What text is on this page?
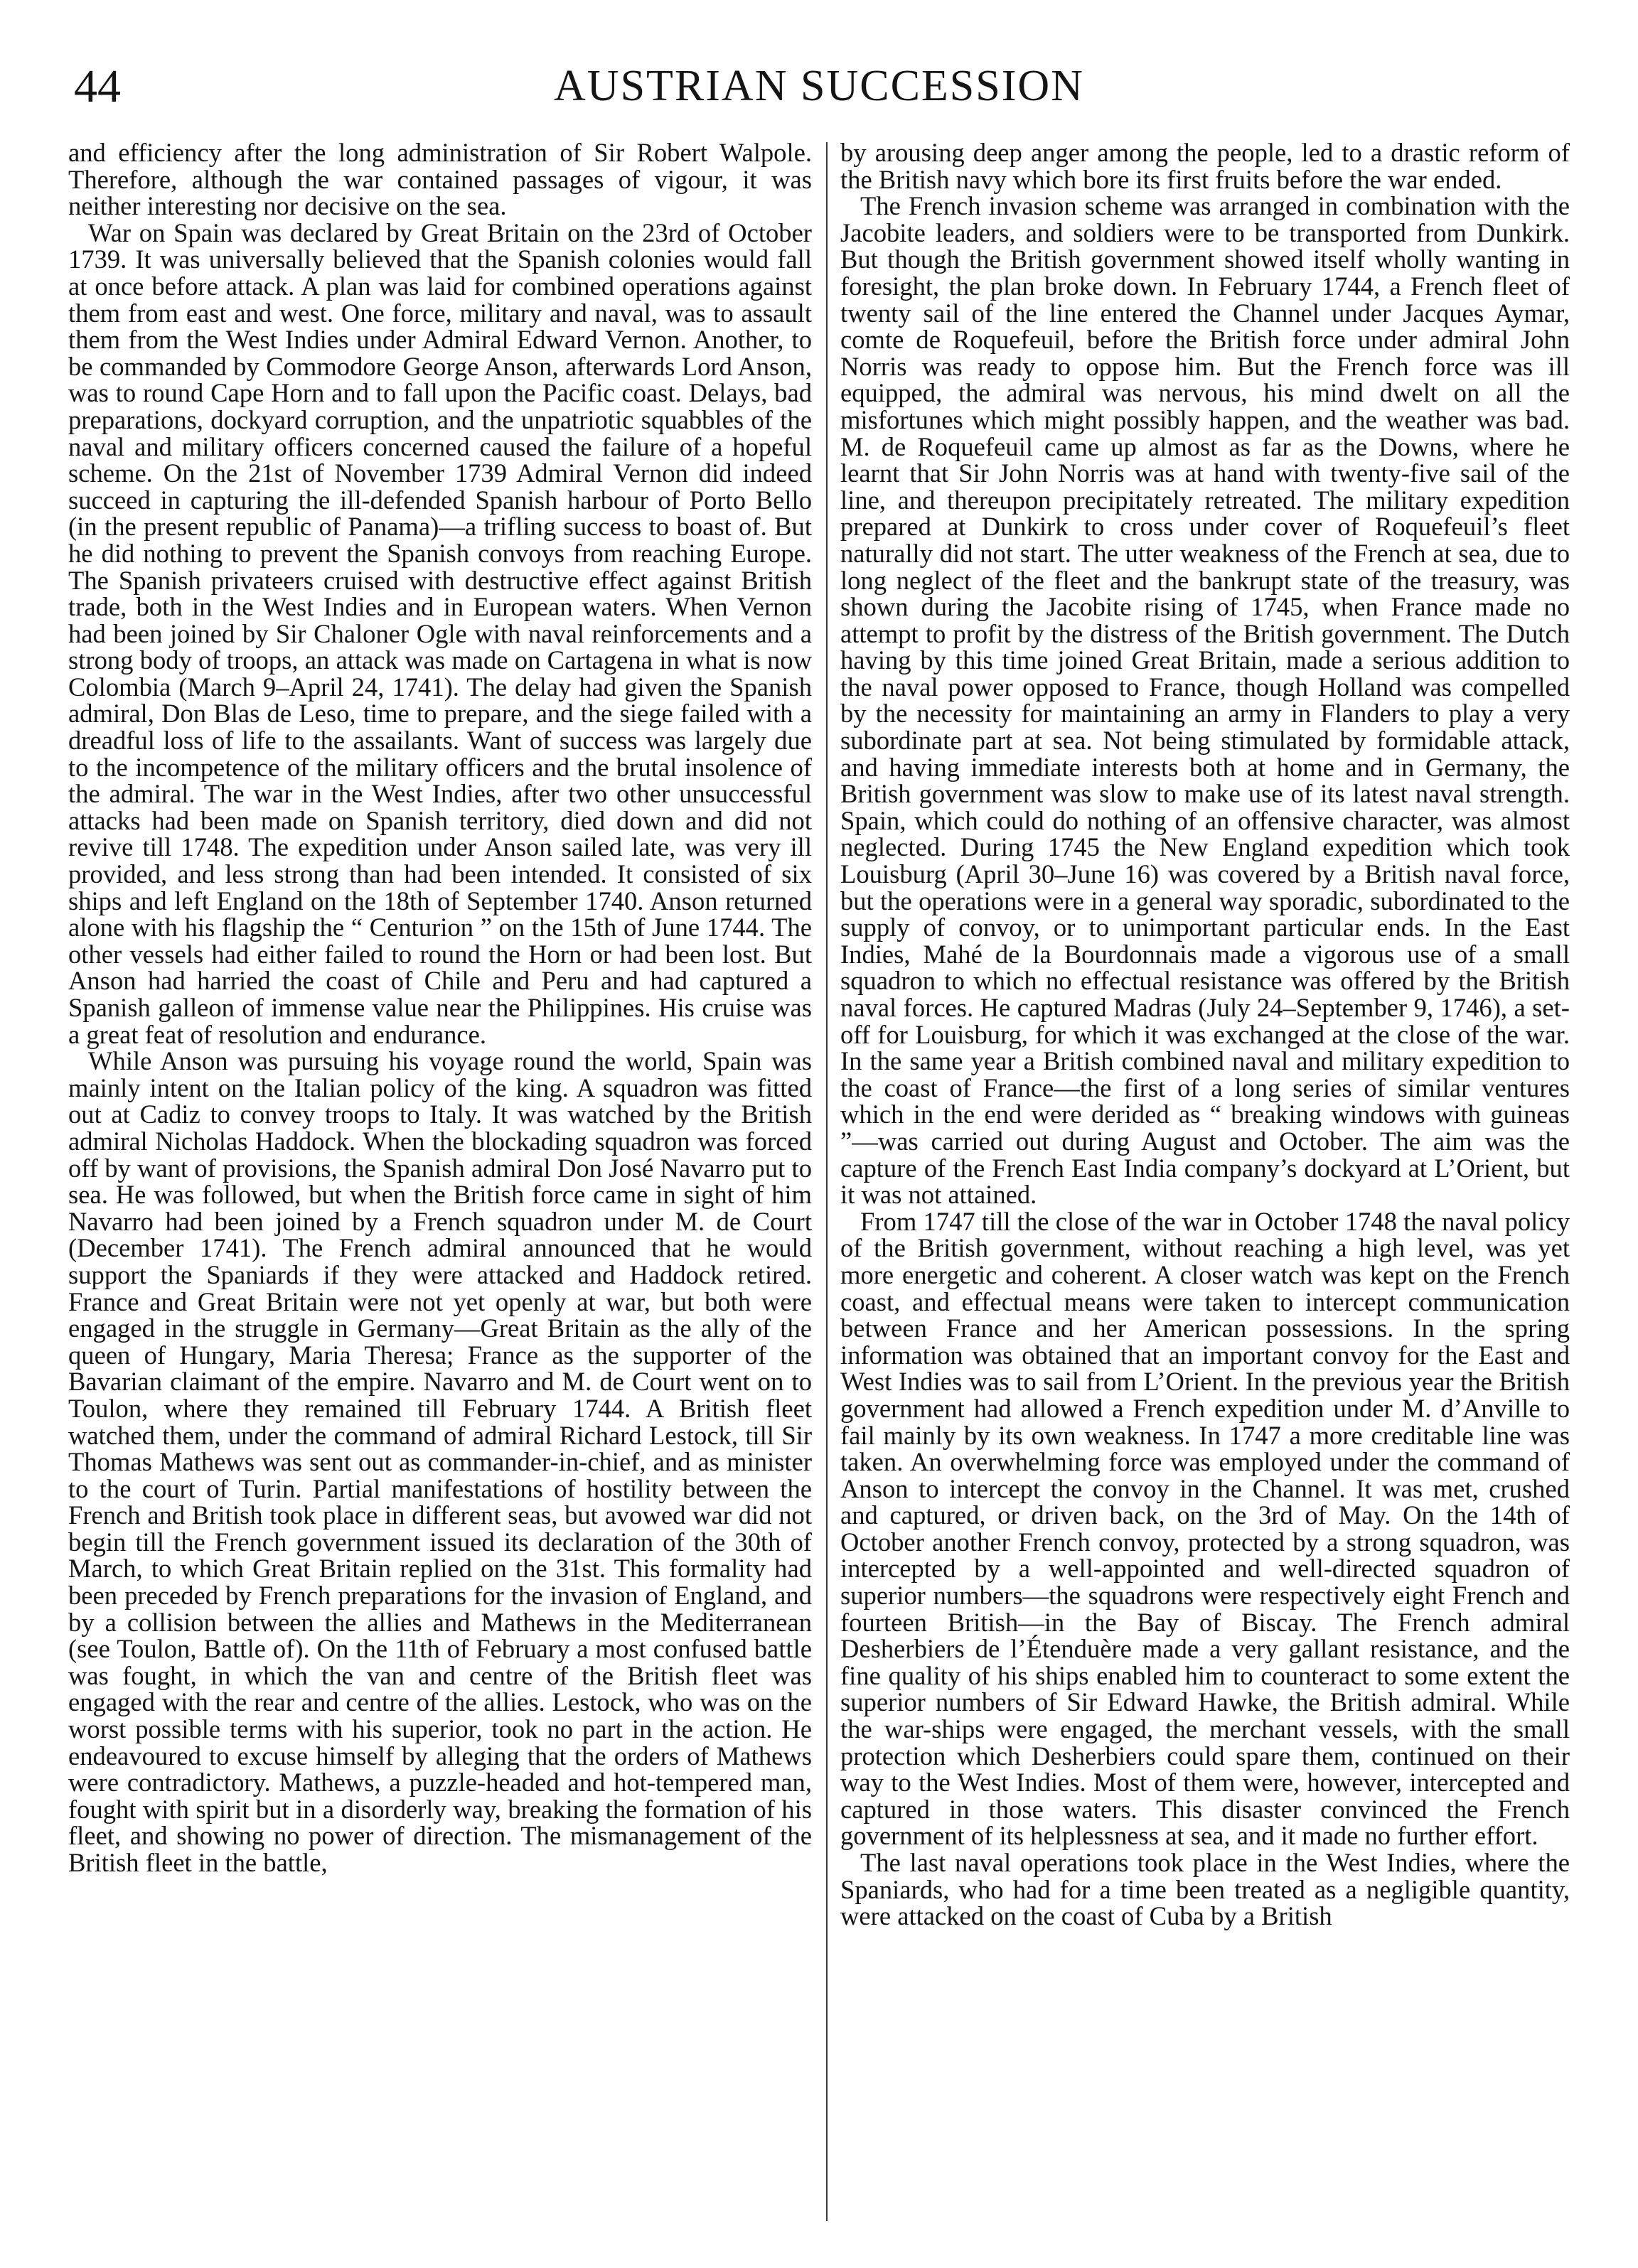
44	AUSTRIAN SUCCESSION

and efficiency after the long administration of Sir Robert Walpole. Therefore, although the war contained passages of vigour, it was neither interesting nor decisive on the sea.

War on Spain was declared by Great Britain on the 23rd of October 1739. It was universally believed that the Spanish colonies would fall at once before attack. A plan was laid for combined operations against them from east and west. One force, military and naval, was to assault them from the West Indies under Admiral Edward Vernon. Another, to be commanded by Commodore George Anson, afterwards Lord Anson, was to round Cape Horn and to fall upon the Pacific coast. Delays, bad preparations, dockyard corruption, and the unpatriotic squabbles of the naval and military officers concerned caused the failure of a hopeful scheme. On the 21st of November 1739 Admiral Vernon did indeed succeed in capturing the ill-defended Spanish harbour of Porto Bello (in the present republic of Panama)—a trifling success to boast of. But he did nothing to prevent the Spanish convoys from reaching Europe. The Spanish privateers cruised with destructive effect against British trade, both in the West Indies and in European waters. When Vernon had been joined by Sir Chaloner Ogle with naval reinforcements and a strong body of troops, an attack was made on Cartagena in what is now Colombia (March 9–April 24, 1741). The delay had given the Spanish admiral, Don Blas de Leso, time to prepare, and the siege failed with a dreadful loss of life to the assailants. Want of success was largely due to the incompetence of the military officers and the brutal insolence of the admiral. The war in the West Indies, after two other unsuccessful attacks had been made on Spanish territory, died down and did not revive till 1748. The expedition under Anson sailed late, was very ill provided, and less strong than had been intended. It consisted of six ships and left England on the 18th of September 1740. Anson returned alone with his flagship the “ Centurion ” on the 15th of June 1744. The other vessels had either failed to round the Horn or had been lost. But Anson had harried the coast of Chile and Peru and had captured a Spanish galleon of immense value near the Philippines. His cruise was a great feat of resolution and endurance.

While Anson was pursuing his voyage round the world, Spain was mainly intent on the Italian policy of the king. A squadron was fitted out at Cadiz to convey troops to Italy. It was watched by the British admiral Nicholas Haddock. When the blockading squadron was forced off by want of provisions, the Spanish admiral Don José Navarro put to sea. He was followed, but when the British force came in sight of him Navarro had been joined by a French squadron under M. de Court (December 1741). The French admiral announced that he would support the Spaniards if they were attacked and Haddock retired. France and Great Britain were not yet openly at war, but both were engaged in the struggle in Germany—Great Britain as the ally of the queen of Hungary, Maria Theresa; France as the supporter of the Bavarian claimant of the empire. Navarro and M. de Court went on to Toulon, where they remained till February 1744. A British fleet watched them, under the command of admiral Richard Lestock, till Sir Thomas Mathews was sent out as commander-in-chief, and as minister to the court of Turin. Partial manifestations of hostility between the French and British took place in different seas, but avowed war did not begin till the French government issued its declaration of the 30th of March, to which Great Britain replied on the 31st. This formality had been preceded by French preparations for the invasion of England, and by a collision between the allies and Mathews in the Mediterranean (see Toulon, Battle of). On the 11th of February a most confused battle was fought, in which the van and centre of the British fleet was engaged with the rear and centre of the allies. Lestock, who was on the worst possible terms with his superior, took no part in the action. He endeavoured to excuse himself by alleging that the orders of Mathews were contradictory. Mathews, a puzzle-headed and hot-tempered man, fought with spirit but in a disorderly way, breaking the formation of his fleet, and showing no power of direction. The mismanagement of the British fleet in the battle,

by arousing deep anger among the people, led to a drastic reform of the British navy which bore its first fruits before the war ended.

The French invasion scheme was arranged in combination with the Jacobite leaders, and soldiers were to be transported from Dunkirk. But though the British government showed itself wholly wanting in foresight, the plan broke down. In February 1744, a French fleet of twenty sail of the line entered the Channel under Jacques Aymar, comte de Roquefeuil, before the British force under admiral John Norris was ready to oppose him. But the French force was ill equipped, the admiral was nervous, his mind dwelt on all the misfortunes which might possibly happen, and the weather was bad. M. de Roquefeuil came up almost as far as the Downs, where he learnt that Sir John Norris was at hand with twenty-five sail of the line, and thereupon precipitately retreated. The military expedition prepared at Dunkirk to cross under cover of Roquefeuil’s fleet naturally did not start. The utter weakness of the French at sea, due to long neglect of the fleet and the bankrupt state of the treasury, was shown during the Jacobite rising of 1745, when France made no attempt to profit by the distress of the British government. The Dutch having by this time joined Great Britain, made a serious addition to the naval power opposed to France, though Holland was compelled by the necessity for maintaining an army in Flanders to play a very subordinate part at sea. Not being stimulated by formidable attack, and having immediate interests both at home and in Germany, the British government was slow to make use of its latest naval strength. Spain, which could do nothing of an offensive character, was almost neglected. During 1745 the New England expedition which took Louisburg (April 30–June 16) was covered by a British naval force, but the operations were in a general way sporadic, subordinated to the supply of convoy, or to unimportant particular ends. In the East Indies, Mahé de la Bourdonnais made a vigorous use of a small squadron to which no effectual resistance was offered by the British naval forces. He captured Madras (July 24–September 9, 1746), a set-off for Louisburg, for which it was exchanged at the close of the war. In the same year a British combined naval and military expedition to the coast of France—the first of a long series of similar ventures which in the end were derided as “ breaking windows with guineas ”—was carried out during August and October. The aim was the capture of the French East India company’s dockyard at L’Orient, but it was not attained.

From 1747 till the close of the war in October 1748 the naval policy of the British government, without reaching a high level, was yet more energetic and coherent. A closer watch was kept on the French coast, and effectual means were taken to intercept communication between France and her American possessions. In the spring information was obtained that an important convoy for the East and West Indies was to sail from L’Orient. In the previous year the British government had allowed a French expedition under M. d’Anville to fail mainly by its own weakness. In 1747 a more creditable line was taken. An overwhelming force was employed under the command of Anson to intercept the convoy in the Channel. It was met, crushed and captured, or driven back, on the 3rd of May. On the 14th of October another French convoy, protected by a strong squadron, was intercepted by a well-appointed and well-directed squadron of superior numbers—the squadrons were respectively eight French and fourteen British—in the Bay of Biscay. The French admiral Desherbiers de l’Étenduère made a very gallant resistance, and the fine quality of his ships enabled him to counteract to some extent the superior numbers of Sir Edward Hawke, the British admiral. While the war-ships were engaged, the merchant vessels, with the small protection which Desherbiers could spare them, continued on their way to the West Indies. Most of them were, however, intercepted and captured in those waters. This disaster convinced the French government of its helplessness at sea, and it made no further effort.

The last naval operations took place in the West Indies, where the Spaniards, who had for a time been treated as a negligible quantity, were attacked on the coast of Cuba by a British
